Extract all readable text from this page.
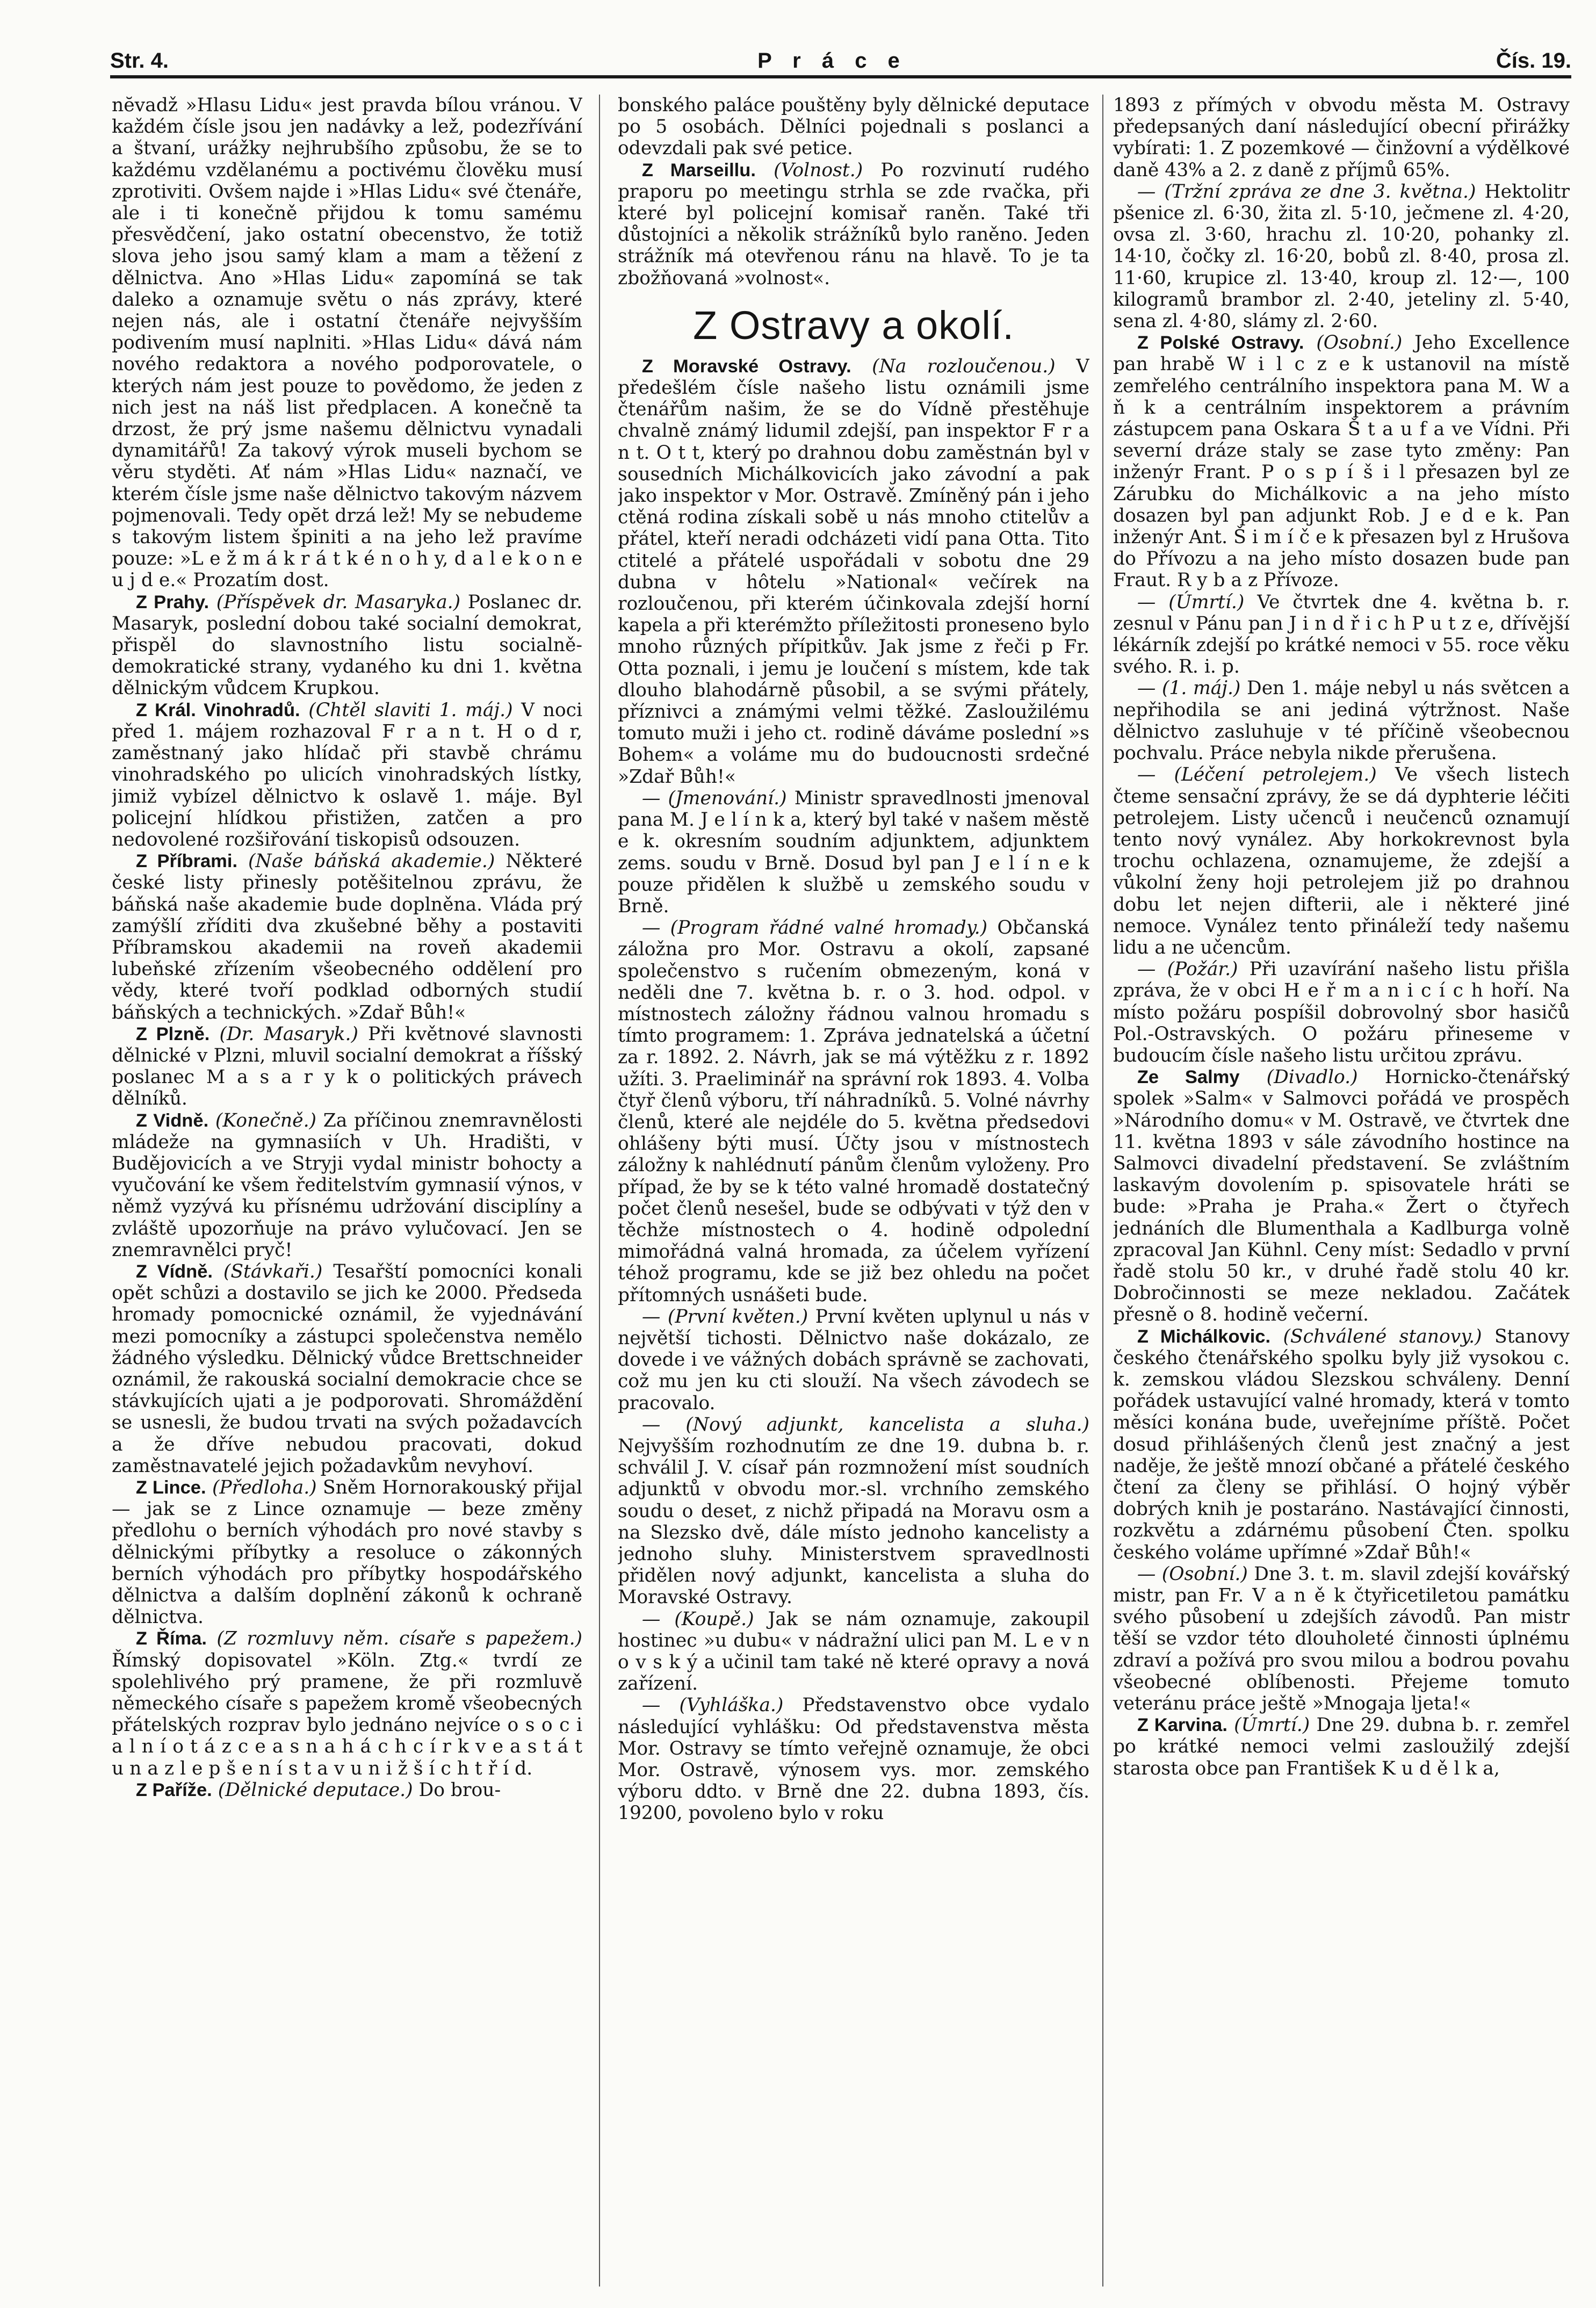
Str. 4.	P r á c e	Čís. 19.

nĕvadž »Hlasu Lidu« jest pravda bílou vránou. V každém čísle jsou jen nadávky a lež, podezřívání a štvaní, urážky nejhrubšího způsobu, že se to každému vzdělanému a poctivému člověku musí zprotiviti. Ovšem najde i »Hlas Lidu« své čtenáře, ale i ti konečně přijdou k tomu samému přesvědčení, jako ostatní obecenstvo, že totiž slova jeho jsou samý klam a mam a těžení z dělnictva. Ano »Hlas Lidu« zapomíná se tak daleko a oznamuje světu o nás zprávy, které nejen nás, ale i ostatní čtenáře nejvyšším podivením musí naplniti. »Hlas Lidu« dává nám nového redaktora a nového podporovatele, o kterých nám jest pouze to povědomo, že jeden z nich jest na náš list předplacen. A konečně ta drzost, že prý jsme našemu dělnictvu vynadali dynamitářů! Za takový výrok museli bychom se věru styděti. Ať nám »Hlas Lidu« naznačí, ve kterém čísle jsme naše dělnictvo takovým názvem pojmenovali. Tedy opĕt drzá lež! My se nebudeme s takovým listem špiniti a na jeho lež pravíme pouze: »L e ž m á k r á t k é n o h y, d a l e k o n e u j d e.« Prozatím dost.

Z Prahy. (Příspěvek dr. Masaryka.) Poslanec dr. Masaryk, poslední dobou také socialní demokrat, přispěl do slavnostního listu socialně-demokratické strany, vydaného ku dni 1. května dělnickým vůdcem Krupkou.

Z Král. Vinohradů. (Chtěl slaviti 1. máj.) V noci před 1. májem rozhazoval F r a n t. H o d r, zaměstnaný jako hlídač při stavbě chrámu vinohradského po ulicích vinohradských lístky, jimiž vybízel dělnictvo k oslavě 1. máje. Byl policejní hlídkou přistižen, zatčen a pro nedovolené rozšiřování tiskopisů odsouzen.

Z Příbrami. (Naše báňská akademie.) Některé české listy přinesly potěšitelnou zprávu, že báňská naše akademie bude doplněna. Vláda prý zamýšlí zříditi dva zkušebné běhy a postaviti Příbramskou akademii na roveň akademii lubeňské zřízením všeobecného oddělení pro vědy, které tvoří podklad odborných studií báňských a technických. »Zdař Bůh!«

Z Plzně. (Dr. Masaryk.) Při květnové slavnosti dělnické v Plzni, mluvil socialní demokrat a říšský poslanec M a s a r y k o politických právech dělníků.

Z Vidně. (Konečně.) Za příčinou znemravnělosti mládeže na gymnasiích v Uh. Hradišti, v Budějovicích a ve Stryji vydal ministr bohocty a vyučování ke všem ředitelstvím gymnasií výnos, v němž vyzývá ku přísnému udržování disciplíny a zvláště upozorňuje na právo vylučovací. Jen se znemravnělci pryč!

Z Vídně. (Stávkaři.) Tesařští pomocníci konali opět schůzi a dostavilo se jich ke 2000. Předseda hromady pomocnické oznámil, že vyjednávání mezi pomocníky a zástupci společenstva nemělo žádného výsledku. Dělnický vůdce Brettschneider oznámil, že rakouská socialní demokracie chce se stávkujících ujati a je podporovati. Shromáždění se usnesli, že budou trvati na svých požadavcích a že dříve nebudou pracovati, dokud zaměstnavatelé jejich požadavkům nevyhoví.

Z Lince. (Předloha.) Sněm Hornorakouský přijal — jak se z Lince oznamuje — beze změny předlohu o berních výhodách pro nové stavby s dělnickými příbytky a resoluce o zákonných berních výhodách pro příbytky hospodářského dělnictva a dalším doplnění zákonů k ochraně dělnictva.

Z Říma. (Z rozmluvy něm. císaře s papežem.) Římský dopisovatel »Köln. Ztg.« tvrdí ze spolehlivého prý pramene, že při rozmluvě německého císaře s papežem kromě všeobecných přátelských rozprav bylo jednáno nejvíce o s o c i a l n í o t á z c e a s n a h á c h c í r k v e a s t á t u n a z l e p š e n í s t a v u n i ž š í c h t ř í d.

Z Paříže. (Dělnické deputace.) Do brou-

bonského paláce pouštěny byly dělnické deputace po 5 osobách. Dělníci pojednali s poslanci a odevzdali pak své petice.

Z Marseillu. (Volnost.) Po rozvinutí rudého praporu po meetingu strhla se zde rvačka, při které byl policejní komisař raněn. Také tři důstojníci a několik strážníků bylo raněno. Jeden strážník má otevřenou ránu na hlavě. To je ta zbožňovaná »volnost«.

Z Ostravy a okolí.

Z Moravské Ostravy. (Na rozloučenou.) V předešlém čísle našeho listu oznámili jsme čtenářům našim, že se do Vídně přestěhuje chvalně známý lidumil zdejší, pan inspektor F r a n t. O t t, který po drahnou dobu zaměstnán byl v sousedních Michálkovicích jako závodní a pak jako inspektor v Mor. Ostravě. Zmíněný pán i jeho ctěná rodina získali sobě u nás mnoho ctitelův a přátel, kteří neradi odcházeti vidí pana Otta. Tito ctitelé a přátelé uspořádali v sobotu dne 29 dubna v hôtelu »National« večírek na rozloučenou, při kterém účinkovala zdejší horní kapela a při kterémžto příležitosti proneseno bylo mnoho různých přípitkův. Jak jsme z řeči p Fr. Otta poznali, i jemu je loučení s místem, kde tak dlouho blahodárně působil, a se svými přátely, příznivci a známými velmi těžké. Zasloužilému tomuto muži i jeho ct. rodině dáváme poslední »s Bohem« a voláme mu do budoucnosti srdečné »Zdař Bůh!«

— (Jmenování.) Ministr spravedlnosti jmenoval pana M. J e l í n k a, který byl také v našem městě e k. okresním soudním adjunktem, adjunktem zems. soudu v Brně. Dosud byl pan J e l í n e k pouze přidělen k službě u zemského soudu v Brně.

— (Program řádné valné hromady.) Občanská záložna pro Mor. Ostravu a okolí, zapsané společenstvo s ručením obmezeným, koná v neděli dne 7. května b. r. o 3. hod. odpol. v místnostech záložny řádnou valnou hromadu s tímto programem: 1. Zpráva jednatelská a účetní za r. 1892. 2. Návrh, jak se má výtěžku z r. 1892 užíti. 3. Praeliminář na správní rok 1893. 4. Volba čtyř členů výboru, tří náhradníků. 5. Volné návrhy členů, které ale nejdéle do 5. května předsedovi ohlášeny býti musí. Účty jsou v místnostech záložny k nahlédnutí pánům členům vyloženy. Pro případ, že by se k této valné hromadě dostatečný počet členů nesešel, bude se odbývati v týž den v těchže místnostech o 4. hodině odpolední mimořádná valná hromada, za účelem vyřízení téhož programu, kde se již bez ohledu na počet přítomných usnášeti bude.

— (První květen.) První květen uplynul u nás v největší tichosti. Dělnictvo naše dokázalo, ze dovede i ve vážných dobách správně se zachovati, což mu jen ku cti slouží. Na všech závodech se pracovalo.

— (Nový adjunkt, kancelista a sluha.) Nejvyšším rozhodnutím ze dne 19. dubna b. r. schválil J. V. císař pán rozmnožení míst soudních adjunktů v obvodu mor.-sl. vrchního zemského soudu o deset, z nichž připadá na Moravu osm a na Slezsko dvě, dále místo jednoho kancelisty a jednoho sluhy. Ministerstvem spravedlnosti přidělen nový adjunkt, kancelista a sluha do Moravské Ostravy.

— (Koupě.) Jak se nám oznamuje, zakoupil hostinec »u dubu« v nádražní ulici pan M. L e v n o v s k ý a učinil tam také ně které opravy a nová zařízení.

— (Vyhláška.) Představenstvo obce vydalo následující vyhlášku: Od představenstva města Mor. Ostravy se tímto veřejně oznamuje, že obci Mor. Ostravě, výnosem vys. mor. zemského výboru ddto. v Brně dne 22. dubna 1893, čís. 19200, povoleno bylo v roku

1893 z přímých v obvodu města M. Ostravy předepsaných daní následující obecní přirážky vybírati: 1. Z pozemkové — činžovní a výdělkové daně 43% a 2. z daně z příjmů 65%.

— (Tržní zpráva ze dne 3. května.) Hektolitr pšenice zl. 6·30, žita zl. 5·10, ječmene zl. 4·20, ovsa zl. 3·60, hrachu zl. 10·20, pohanky zl. 14·10, čočky zl. 16·20, bobů zl. 8·40, prosa zl. 11·60, krupice zl. 13·40, kroup zl. 12·—, 100 kilogramů brambor zl. 2·40, jeteliny zl. 5·40, sena zl. 4·80, slámy zl. 2·60.

Z Polské Ostravy. (Osobní.) Jeho Excellence pan hrabě W i l c z e k ustanovil na místě zemřelého centrálního inspektora pana M. W a ň k a centrálním inspektorem a právním zástupcem pana Oskara Š t a u f a ve Vídni. Při severní dráze staly se zase tyto změny: Pan inženýr Frant. P o s p í š i l přesazen byl ze Zárubku do Michálkovic a na jeho místo dosazen byl pan adjunkt Rob. J e d e k. Pan inženýr Ant. Š i m í č e k přesazen byl z Hrušova do Přívozu a na jeho místo dosazen bude pan Fraut. R y b a z Přívoze.

— (Úmrtí.) Ve čtvrtek dne 4. května b. r. zesnul v Pánu pan J i n d ř i c h P u t z e, dřívější lékárník zdejší po krátké nemoci v 55. roce věku svého. R. i. p.

— (1. máj.) Den 1. máje nebyl u nás světcen a nepřihodila se ani jediná výtržnost. Naše dělnictvo zasluhuje v té příčině všeobecnou pochvalu. Práce nebyla nikde přerušena.

— (Léčení petrolejem.) Ve všech listech čteme sensační zprávy, že se dá dyphterie léčiti petrolejem. Listy učenců i neučenců oznamují tento nový vynález. Aby horkokrevnost byla trochu ochlazena, oznamujeme, že zdejší a vůkolní ženy hoji petrolejem již po drahnou dobu let nejen difterii, ale i některé jiné nemoce. Vynález tento přináleží tedy našemu lidu a ne učencům.

— (Požár.) Při uzavírání našeho listu přišla zpráva, že v obci H e ř m a n i c í c h hoří. Na místo požáru pospíšil dobrovolný sbor hasičů Pol.-Ostravských. O požáru přineseme v budoucím čísle našeho listu určitou zprávu.

Ze Salmy (Divadlo.) Hornicko-čtenářský spolek »Salm« v Salmovci pořádá ve prospěch »Národního domu« v M. Ostravě, ve čtvrtek dne 11. května 1893 v sále závodního hostince na Salmovci divadelní představení. Se zvláštním laskavým dovolením p. spisovatele hráti se bude: »Praha je Praha.« Žert o čtyřech jednáních dle Blumenthala a Kadlburga volně zpracoval Jan Kühnl. Ceny míst: Sedadlo v první řadě stolu 50 kr., v druhé řadě stolu 40 kr. Dobročinnosti se meze nekladou. Začátek přesně o 8. hodině večerní.

Z Michálkovic. (Schválené stanovy.) Stanovy českého čtenářského spolku byly již vysokou c. k. zemskou vládou Slezskou schváleny. Denní pořádek ustavující valné hromady, která v tomto měsíci konána bude, uveřejníme příště. Počet dosud přihlášených členů jest značný a jest naděje, že ještě mnozí občané a přátelé českého čtení za členy se přihlásí. O hojný výběr dobrých knih je postaráno. Nastávající činnosti, rozkvětu a zdárnému působení Čten. spolku českého voláme upřímné »Zdař Bůh!«

— (Osobní.) Dne 3. t. m. slavil zdejší kovářský mistr, pan Fr. V a n ě k čtyřicetiletou památku svého působení u zdejších závodů. Pan mistr těší se vzdor této dlouholeté činnosti úplnému zdraví a požívá pro svou milou a bodrou povahu všeobecné oblíbenosti. Přejeme tomuto veteránu práce ještě »Mnogaja ljeta!«

Z Karvina. (Úmrtí.) Dne 29. dubna b. r. zemřel po krátké nemoci velmi zasloužilý zdejší starosta obce pan František K u d ě l k a,
